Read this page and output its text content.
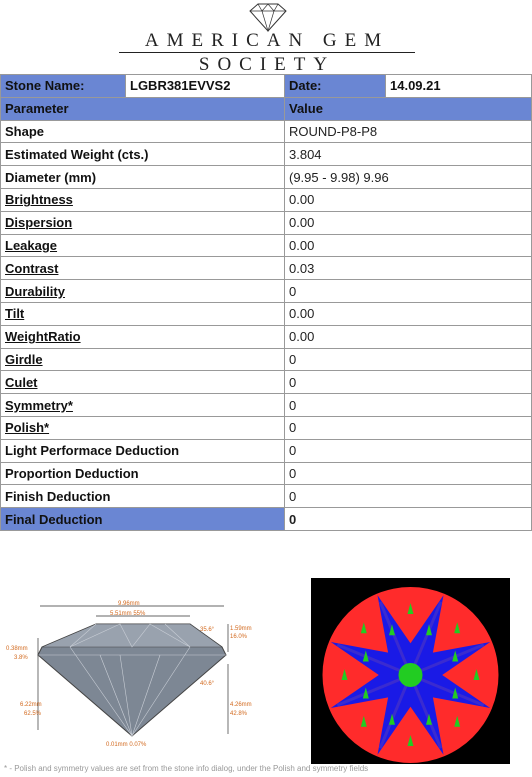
AMERICAN GEM
SOCIETY
Stone Name:	LGBR381EVVS2	Date:	14.09.21
Parameter		Value	
Shape		ROUND-P8-P8	
Estimated Weight (cts.)		3.804	
Diameter (mm)		(9.95 - 9.98) 9.96	
Brightness		0.00	
Dispersion		0.00	
Leakage		0.00	
Contrast		0.03	
Durability		0	
Tilt		0.00	
WeightRatio		0.00	
Girdle		0	
Culet		0	
Symmetry*		0	
Polish*		0	
Light Performace Deduction		0	
Proportion Deduction		0	
Finish Deduction		0	
Final Deduction		0	
9.96mm
5.51mm 55%
35.6°	1.59mm
16.0%
0.38mm
3.8%
40.6°
6.22mm
62.5%
4.26mm
42.8%
0.01mm 0.07%
* - Polish and symmetry values are set from the stone info dialog, under the Polish and symmetry fields
